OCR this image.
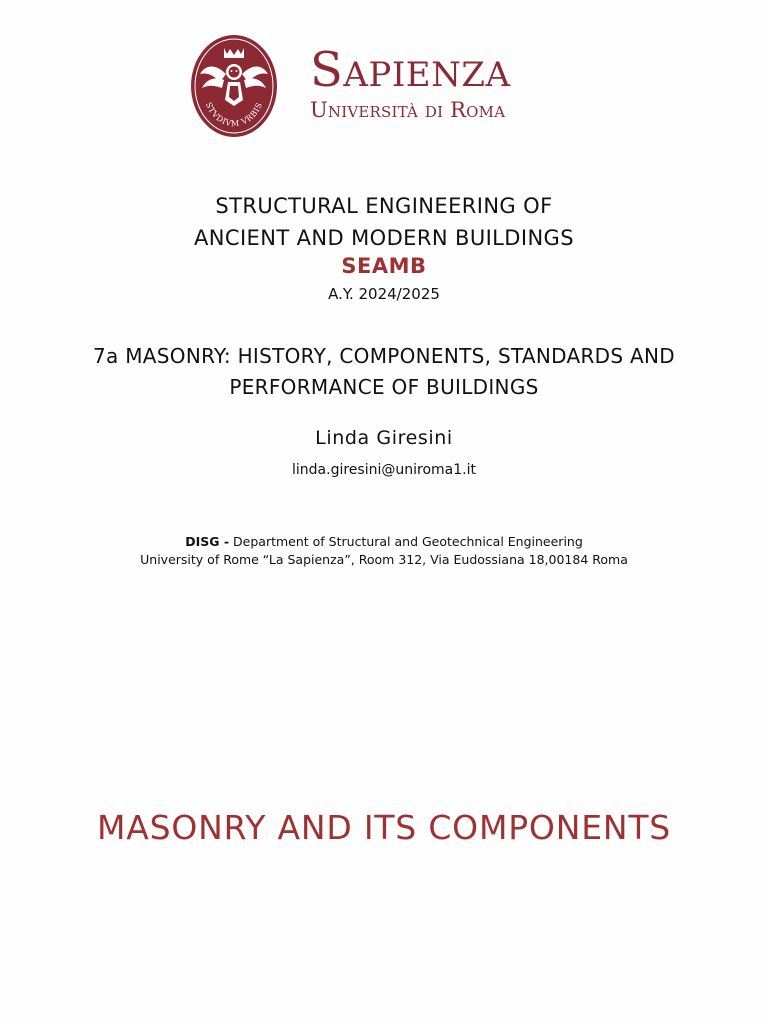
STVDIVM VRBIS
Sapienza
Università di Roma
STRUCTURAL ENGINEERING OF
ANCIENT AND MODERN BUILDINGS
SEAMB
A.Y. 2024/2025
7a MASONRY: HISTORY, COMPONENTS, STANDARDS AND
PERFORMANCE OF BUILDINGS
Linda Giresini
linda.giresini@uniroma1.it
DISG - Department of Structural and Geotechnical Engineering
University of Rome “La Sapienza”, Room 312, Via Eudossiana 18,00184 Roma
MASONRY AND ITS COMPONENTS
